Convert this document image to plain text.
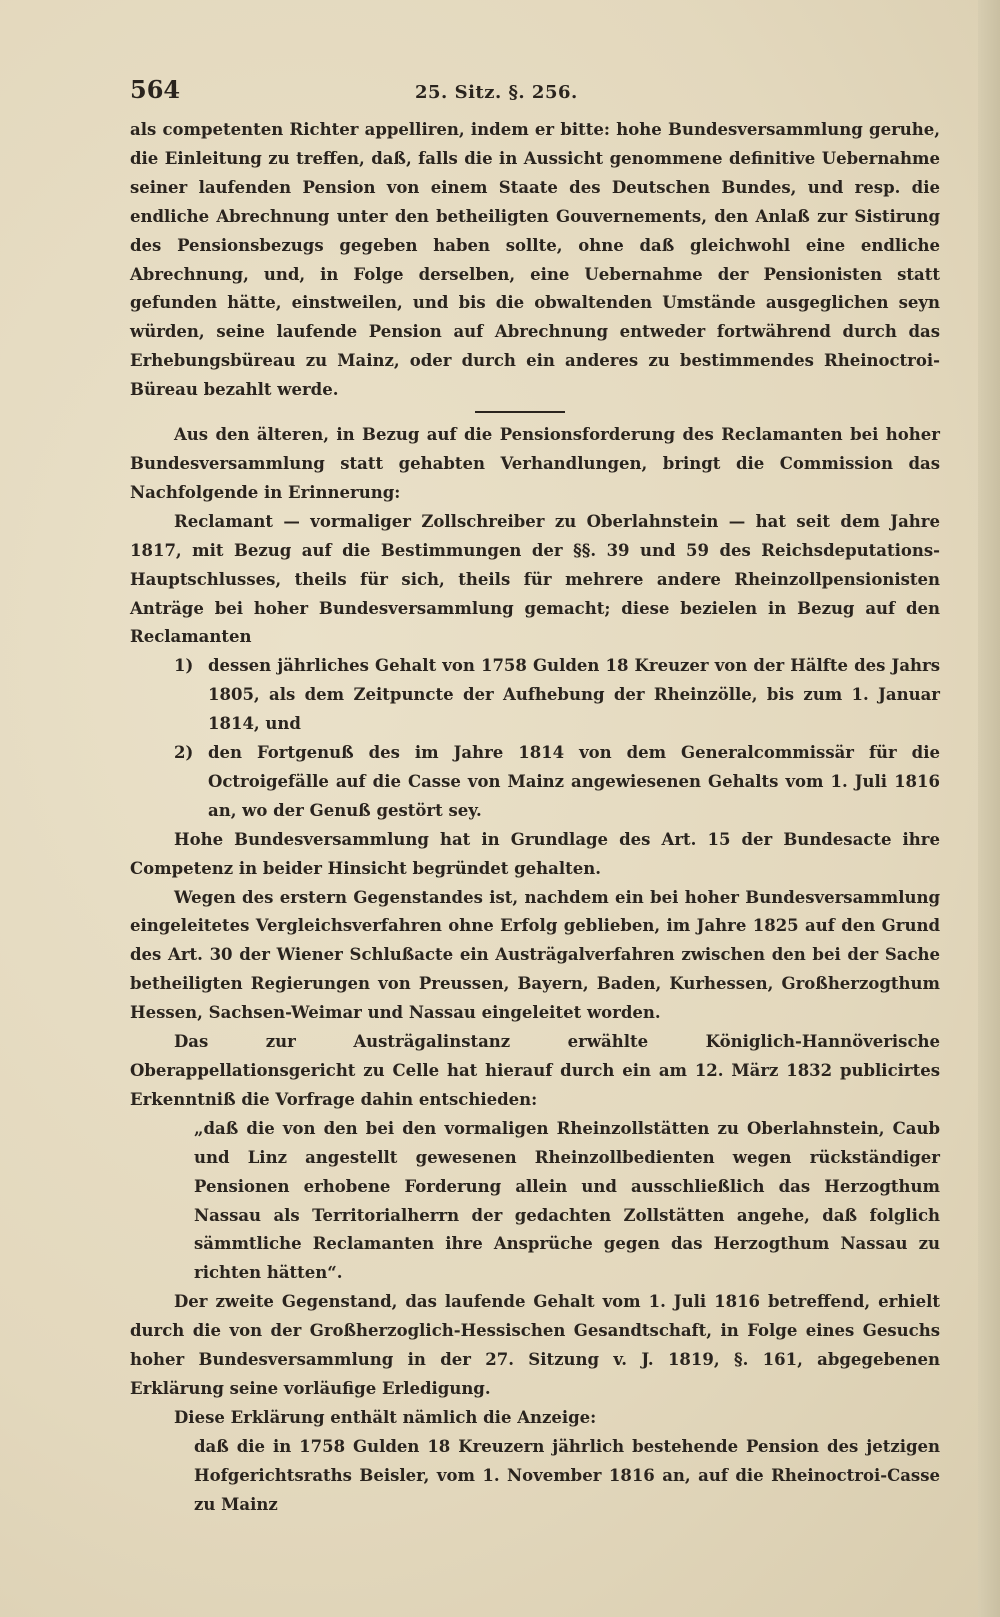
564	25. Sitz. §. 256.

als competenten Richter appelliren, indem er bitte: hohe Bundesversammlung geruhe, die Einleitung zu treffen, daß, falls die in Aussicht genommene definitive Uebernahme seiner laufenden Pension von einem Staate des Deutschen Bundes, und resp. die endliche Abrechnung unter den betheiligten Gouvernements, den Anlaß zur Sistirung des Pensionsbezugs gegeben haben sollte, ohne daß gleichwohl eine endliche Abrechnung, und, in Folge derselben, eine Uebernahme der Pensionisten statt gefunden hätte, einstweilen, und bis die obwaltenden Umstände ausgeglichen seyn würden, seine laufende Pension auf Abrechnung entweder fortwährend durch das Erhebungsbüreau zu Mainz, oder durch ein anderes zu bestimmendes Rheinoctroi-Büreau bezahlt werde.

Aus den älteren, in Bezug auf die Pensionsforderung des Reclamanten bei hoher Bundesversammlung statt gehabten Verhandlungen, bringt die Commission das Nachfolgende in Erinnerung:

Reclamant — vormaliger Zollschreiber zu Oberlahnstein — hat seit dem Jahre 1817, mit Bezug auf die Bestimmungen der §§. 39 und 59 des Reichsdeputations-Hauptschlusses, theils für sich, theils für mehrere andere Rheinzollpensionisten Anträge bei hoher Bundesversammlung gemacht; diese bezielen in Bezug auf den Reclamanten

1) dessen jährliches Gehalt von 1758 Gulden 18 Kreuzer von der Hälfte des Jahrs 1805, als dem Zeitpuncte der Aufhebung der Rheinzölle, bis zum 1. Januar 1814, und
2) den Fortgenuß des im Jahre 1814 von dem Generalcommissär für die Octroigefälle auf die Casse von Mainz angewiesenen Gehalts vom 1. Juli 1816 an, wo der Genuß gestört sey.

Hohe Bundesversammlung hat in Grundlage des Art. 15 der Bundesacte ihre Competenz in beider Hinsicht begründet gehalten.

Wegen des erstern Gegenstandes ist, nachdem ein bei hoher Bundesversammlung eingeleitetes Vergleichsverfahren ohne Erfolg geblieben, im Jahre 1825 auf den Grund des Art. 30 der Wiener Schlußacte ein Austrägalverfahren zwischen den bei der Sache betheiligten Regierungen von Preussen, Bayern, Baden, Kurhessen, Großherzogthum Hessen, Sachsen-Weimar und Nassau eingeleitet worden.

Das zur Austrägalinstanz erwählte Königlich-Hannöverische Oberappellationsgericht zu Celle hat hierauf durch ein am 12. März 1832 publicirtes Erkenntniß die Vorfrage dahin entschieden:

„daß die von den bei den vormaligen Rheinzollstätten zu Oberlahnstein, Caub und Linz angestellt gewesenen Rheinzollbedienten wegen rückständiger Pensionen erhobene Forderung allein und ausschließlich das Herzogthum Nassau als Territorialherrn der gedachten Zollstätten angehe, daß folglich sämmtliche Reclamanten ihre Ansprüche gegen das Herzogthum Nassau zu richten hätten“.

Der zweite Gegenstand, das laufende Gehalt vom 1. Juli 1816 betreffend, erhielt durch die von der Großherzoglich-Hessischen Gesandtschaft, in Folge eines Gesuchs hoher Bundesversammlung in der 27. Sitzung v. J. 1819, §. 161, abgegebenen Erklärung seine vorläufige Erledigung.

Diese Erklärung enthält nämlich die Anzeige:

daß die in 1758 Gulden 18 Kreuzern jährlich bestehende Pension des jetzigen Hofgerichtsraths Beisler, vom 1. November 1816 an, auf die Rheinoctroi-Casse zu Mainz
